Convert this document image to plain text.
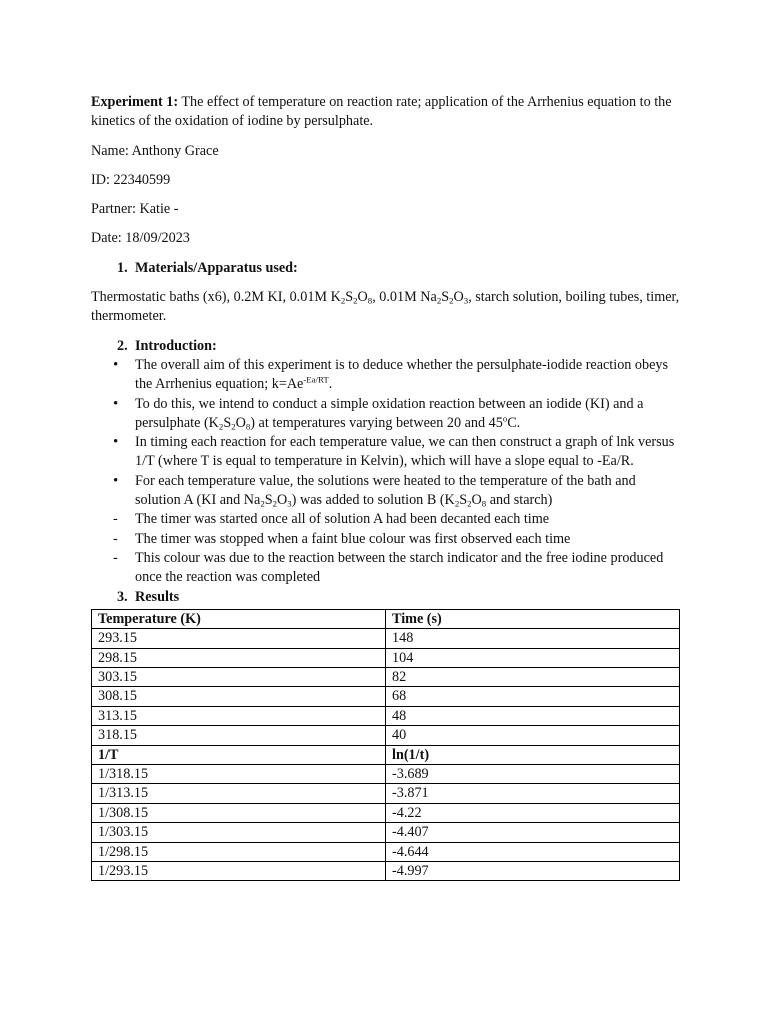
Experiment 1: The effect of temperature on reaction rate; application of the Arrhenius equation to the kinetics of the oxidation of iodine by persulphate.

Name: Anthony Grace

ID: 22340599

Partner: Katie -

Date: 18/09/2023

1. Materials/Apparatus used:

Thermostatic baths (x6), 0.2M KI, 0.01M $K_2S_2O_8$, 0.01M $Na_2S_2O_3$, starch solution, boiling tubes, timer, thermometer.

2. Introduction:
• The overall aim of this experiment is to deduce whether the persulphate-iodide reaction obeys the Arrhenius equation; $k=Ae^{-Ea/RT}$.
• To do this, we intend to conduct a simple oxidation reaction between an iodide (KI) and a persulphate $(K_2S_2O_8)$ at temperatures varying between 20 and 45$^o$C.
• In timing each reaction for each temperature value, we can then construct a graph of lnk versus 1/T (where T is equal to temperature in Kelvin), which will have a slope equal to -Ea/R.
• For each temperature value, the solutions were heated to the temperature of the bath and solution A (KI and $Na_2S_2O_3$) was added to solution B ($K_2S_2O_8$ and starch)
- The timer was started once all of solution A had been decanted each time
- The timer was stopped when a faint blue colour was first observed each time
- This colour was due to the reaction between the starch indicator and the free iodine produced once the reaction was completed
3. Results
Temperature (K)	Time (s)
293.15	148
298.15	104
303.15	82
308.15	68
313.15	48
318.15	40
1/T	ln(1/t)
1/318.15	-3.689
1/313.15	-3.871
1/308.15	-4.22
1/303.15	-4.407
1/298.15	-4.644
1/293.15	-4.997
